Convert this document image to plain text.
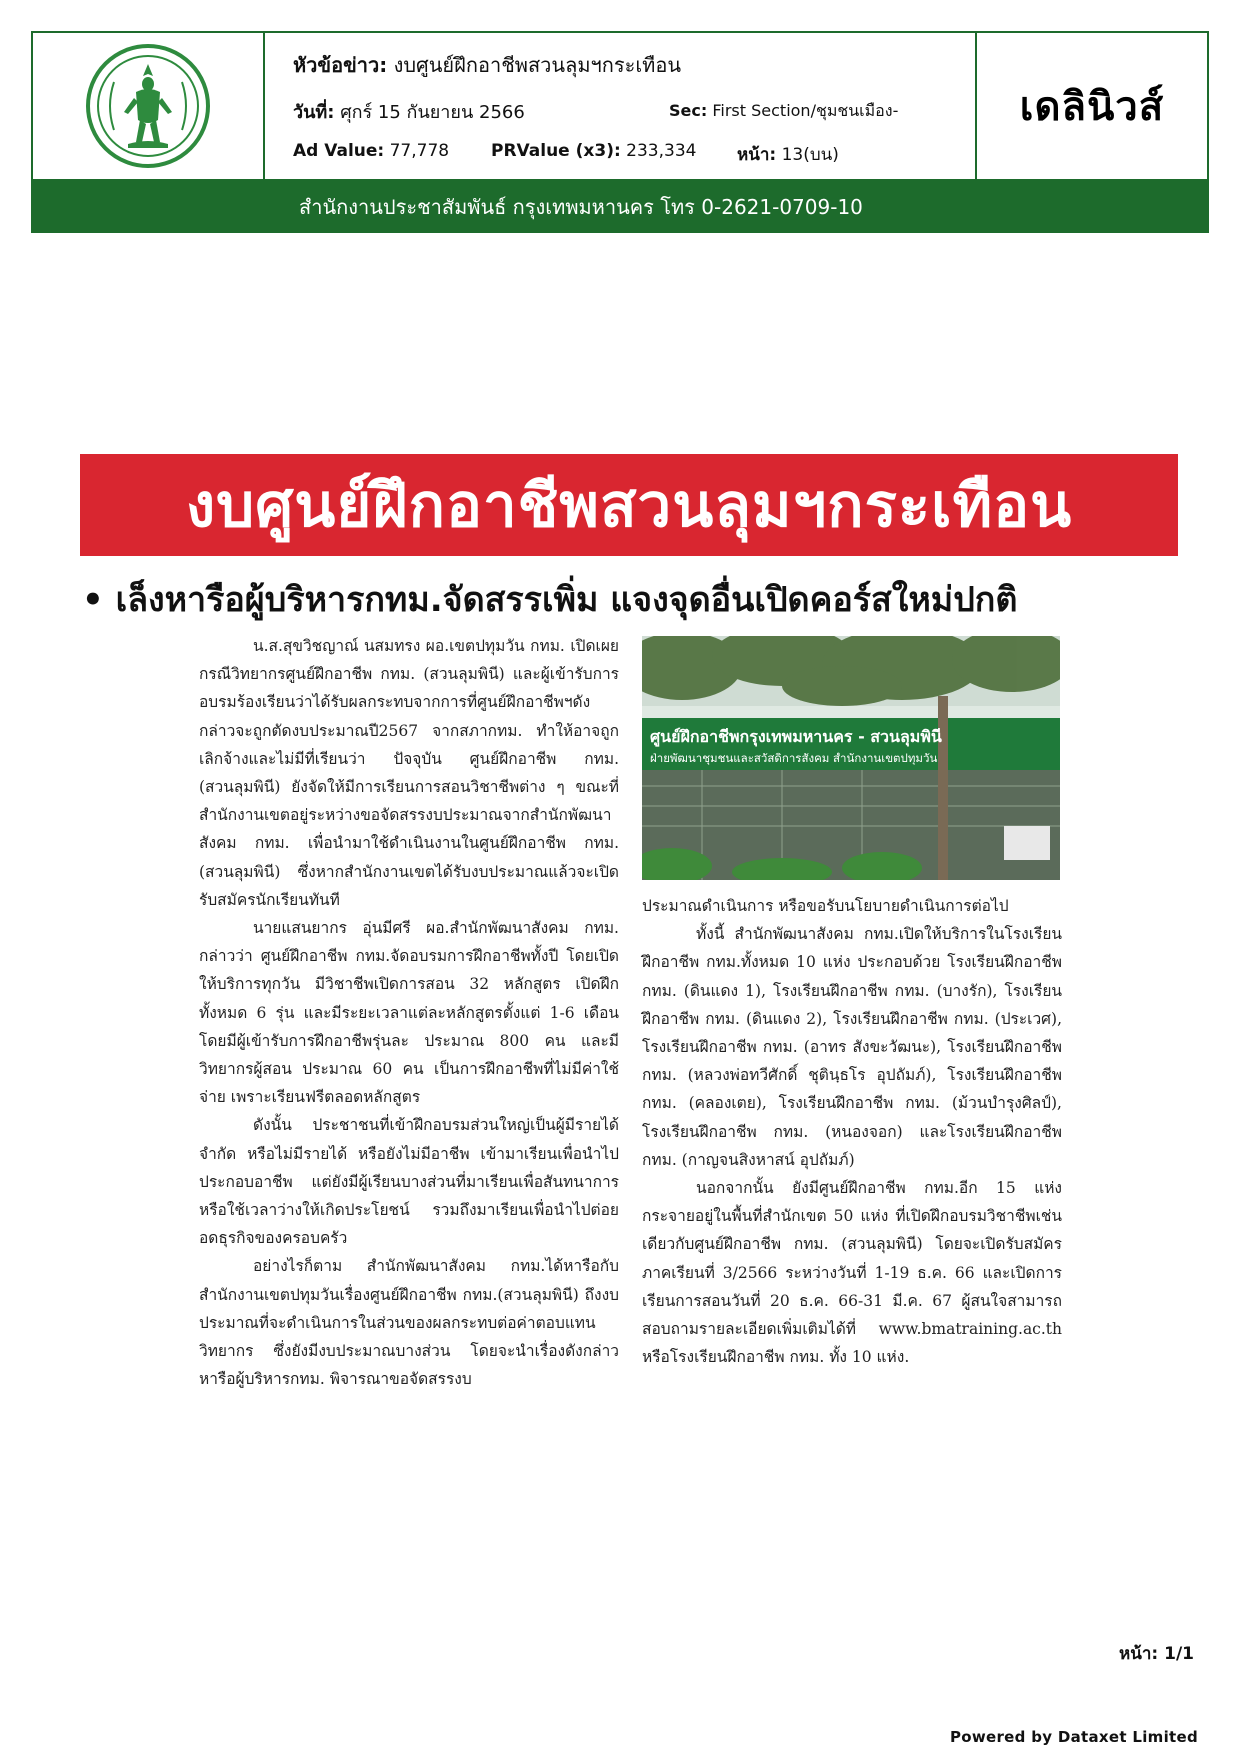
หัวข้อข่าว: งบศูนย์ฝึกอาชีพสวนลุมฯกระเทือน
วันที่: ศุกร์ 15 กันยายน 2566	Sec: First Section/ชุมชนเมือง-
Ad Value: 77,778 PRValue (x3): 233,334 หน้า: 13(บน)
เดลินิวส์
สำนักงานประชาสัมพันธ์ กรุงเทพมหานคร โทร 0-2621-0709-10
งบศูนย์ฝึกอาชีพสวนลุมฯกระเทือน
• เล็งหารือผู้บริหารกทม.จัดสรรเพิ่ม แจงจุดอื่นเปิดคอร์สใหม่ปกติ

น.ส.สุขวิชญาณ์ นสมทรง ผอ.เขตปทุมวัน กทม. เปิดเผย กรณีวิทยากรศูนย์ฝึกอาชีพ กทม. (สวนลุมพินี) และผู้เข้ารับการอบรมร้องเรียนว่าได้รับผลกระทบจากการที่ศูนย์ฝึกอาชีพฯดังกล่าวจะถูกตัดงบประมาณปี2567 จากสภากทม. ทำให้อาจถูกเลิกจ้างและไม่มีที่เรียนว่า ปัจจุบัน ศูนย์ฝึกอาชีพ กทม.(สวนลุมพินี) ยังจัดให้มีการเรียนการสอนวิชาชีพต่าง ๆ ขณะที่สำนักงานเขตอยู่ระหว่างขอจัดสรรงบประมาณจากสำนักพัฒนาสังคม กทม. เพื่อนำมาใช้ดำเนินงานในศูนย์ฝึกอาชีพ กทม. (สวนลุมพินี) ซึ่งหากสำนักงานเขตได้รับงบประมาณแล้วจะเปิดรับสมัครนักเรียนทันที

นายแสนยากร อุ่นมีศรี ผอ.สำนักพัฒนาสังคม กทม. กล่าวว่า ศูนย์ฝึกอาชีพ กทม.จัดอบรมการฝึกอาชีพทั้งปี โดยเปิดให้บริการทุกวัน มีวิชาชีพเปิดการสอน 32 หลักสูตร เปิดฝึกทั้งหมด 6 รุ่น และมีระยะเวลาแต่ละหลักสูตรตั้งแต่ 1-6 เดือน โดยมีผู้เข้ารับการฝึกอาชีพรุ่นละ ประมาณ 800 คน และมีวิทยากรผู้สอน ประมาณ 60 คน เป็นการฝึกอาชีพที่ไม่มีค่าใช้จ่าย เพราะเรียนฟรีตลอดหลักสูตร

ดังนั้น ประชาชนที่เข้าฝึกอบรมส่วนใหญ่เป็นผู้มีรายได้จำกัด หรือไม่มีรายได้ หรือยังไม่มีอาชีพ เข้ามาเรียนเพื่อนำไปประกอบอาชีพ แต่ยังมีผู้เรียนบางส่วนที่มาเรียนเพื่อสันทนาการ หรือใช้เวลาว่างให้เกิดประโยชน์ รวมถึงมาเรียนเพื่อนำไปต่อยอดธุรกิจของครอบครัว

อย่างไรก็ตาม สำนักพัฒนาสังคม กทม.ได้หารือกับสำนักงานเขตปทุมวันเรื่องศูนย์ฝึกอาชีพ กทม.(สวนลุมพินี) ถึงงบประมาณที่จะดำเนินการในส่วนของผลกระทบต่อค่าตอบแทนวิทยากร ซึ่งยังมีงบประมาณบางส่วน โดยจะนำเรื่องดังกล่าวหารือผู้บริหารกทม. พิจารณาขอจัดสรรงบ

ศูนย์ฝึกอาชีพกรุงเทพมหานคร - สวนลุมพินี
ฝ่ายพัฒนาชุมชนและสวัสดิการสังคม สำนักงานเขตปทุมวัน

ประมาณดำเนินการ หรือขอรับนโยบายดำเนินการต่อไป

ทั้งนี้ สำนักพัฒนาสังคม กทม.เปิดให้บริการในโรงเรียนฝึกอาชีพ กทม.ทั้งหมด 10 แห่ง ประกอบด้วย โรงเรียนฝึกอาชีพ กทม. (ดินแดง 1), โรงเรียนฝึกอาชีพ กทม. (บางรัก), โรงเรียนฝึกอาชีพ กทม. (ดินแดง 2), โรงเรียนฝึกอาชีพ กทม. (ประเวศ), โรงเรียนฝึกอาชีพ กทม. (อาทร สังขะวัฒนะ), โรงเรียนฝึกอาชีพ กทม. (หลวงพ่อทวีศักดิ์ ชุตินฺธโร อุปถัมภ์), โรงเรียนฝึกอาชีพ กทม. (คลองเตย), โรงเรียนฝึกอาชีพ กทม. (ม้วนบำรุงศิลป์), โรงเรียนฝึกอาชีพ กทม. (หนองจอก) และโรงเรียนฝึกอาชีพ กทม. (กาญจนสิงหาสน์ อุปถัมภ์)

นอกจากนั้น ยังมีศูนย์ฝึกอาชีพ กทม.อีก 15 แห่ง กระจายอยู่ในพื้นที่สำนักเขต 50 แห่ง ที่เปิดฝึกอบรมวิชาชีพเช่นเดียวกับศูนย์ฝึกอาชีพ กทม. (สวนลุมพินี) โดยจะเปิดรับสมัครภาคเรียนที่ 3/2566 ระหว่างวันที่ 1-19 ธ.ค. 66 และเปิดการเรียนการสอนวันที่ 20 ธ.ค. 66-31 มี.ค. 67 ผู้สนใจสามารถสอบถามรายละเอียดเพิ่มเติมได้ที่ www.bmatraining.ac.th หรือโรงเรียนฝึกอาชีพ กทม. ทั้ง 10 แห่ง.

หน้า: 1/1
Powered by Dataxet Limited
